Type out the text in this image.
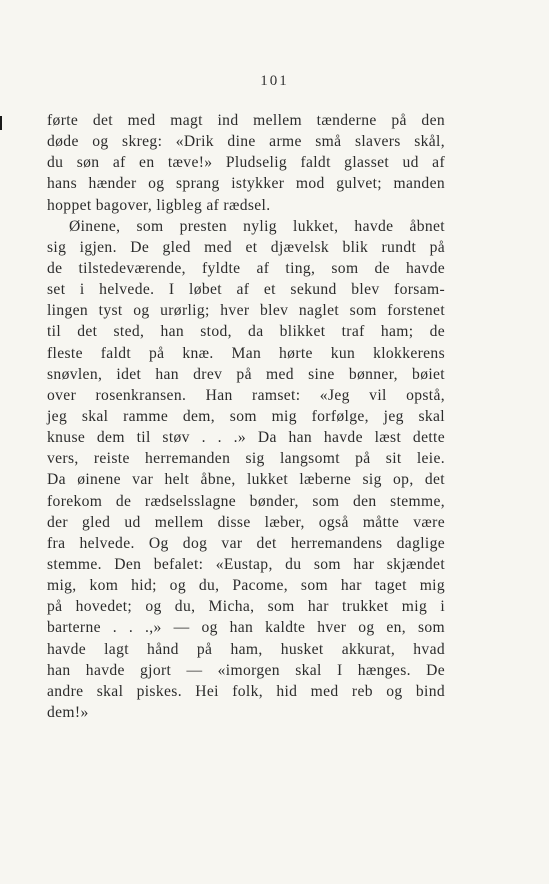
101
førte det med magt ind mellem tænderne på den
døde og skreg: «Drik dine arme små slavers skål,
du søn af en tæve!» Pludselig faldt glasset ud af
hans hænder og sprang istykker mod gulvet; manden
hoppet bagover, ligbleg af rædsel.
Øinene, som presten nylig lukket, havde åbnet
sig igjen. De gled med et djævelsk blik rundt på
de tilstedeværende, fyldte af ting, som de havde
set i helvede. I løbet af et sekund blev forsam-
lingen tyst og urørlig; hver blev naglet som forstenet
til det sted, han stod, da blikket traf ham; de
fleste faldt på knæ. Man hørte kun klokkerens
snøvlen, idet han drev på med sine bønner, bøiet
over rosenkransen. Han ramset: «Jeg vil opstå,
jeg skal ramme dem, som mig forfølge, jeg skal
knuse dem til støv . . .» Da han havde læst dette
vers, reiste herremanden sig langsomt på sit leie.
Da øinene var helt åbne, lukket læberne sig op, det
forekom de rædselsslagne bønder, som den stemme,
der gled ud mellem disse læber, også måtte være
fra helvede. Og dog var det herremandens daglige
stemme. Den befalet: «Eustap, du som har skjændet
mig, kom hid; og du, Pacome, som har taget mig
på hovedet; og du, Micha, som har trukket mig i
barterne . . .,» — og han kaldte hver og en, som
havde lagt hånd på ham, husket akkurat, hvad
han havde gjort — «imorgen skal I hænges. De
andre skal piskes. Hei folk, hid med reb og bind
dem!»
